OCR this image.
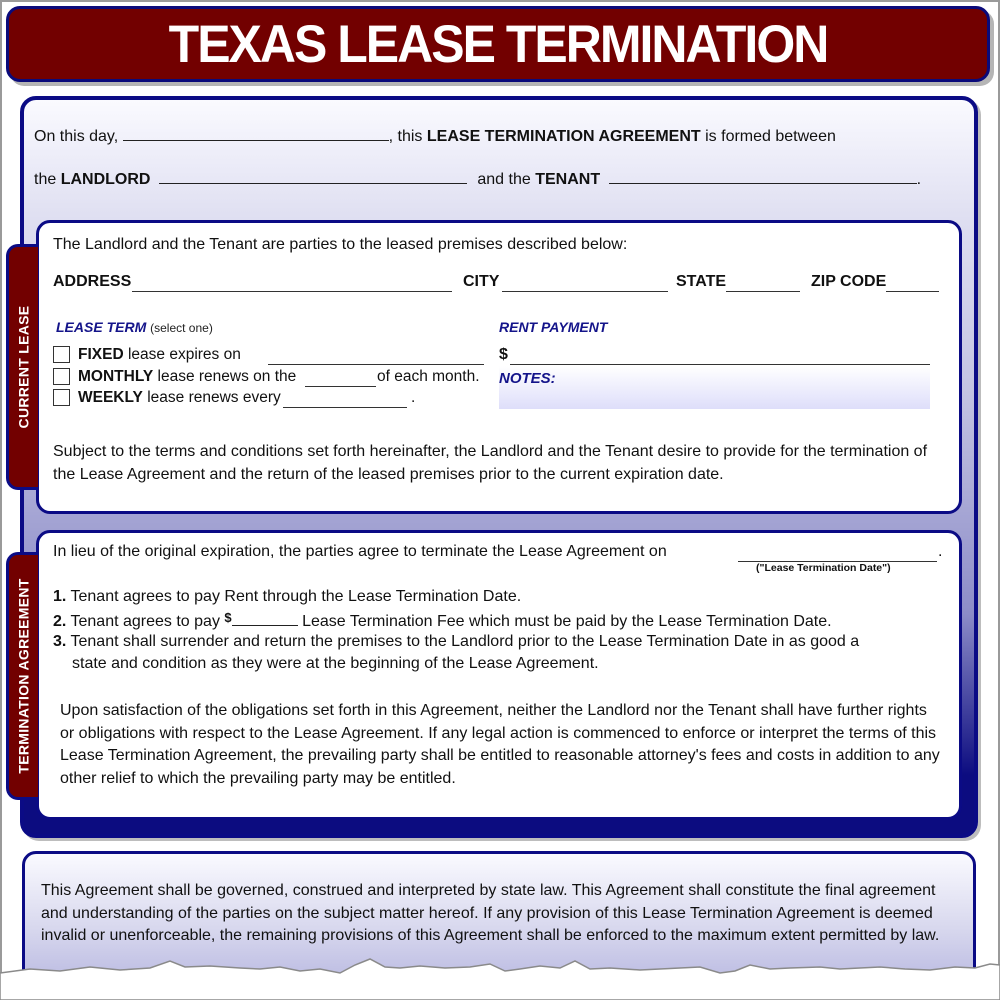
TEXAS LEASE TERMINATION
On this day,	, this LEASE TERMINATION AGREEMENT is formed between
the LANDLORD	and the TENANT	.
CURRENT LEASE
The Landlord and the Tenant are parties to the leased premises described below:
ADDRESS	CITY	STATE	ZIP CODE
LEASE TERM (select one)
FIXED lease expires on
MONTHLY lease renews on the	of each month.
WEEKLY lease renews every	.
RENT PAYMENT
$
NOTES:
Subject to the terms and conditions set forth hereinafter, the Landlord and the Tenant desire to provide for the termination of the Lease Agreement and the return of the leased premises prior to the current expiration date.
TERMINATION AGREEMENT
In lieu of the original expiration, the parties agree to terminate the Lease Agreement on	.
("Lease Termination Date")
1. Tenant agrees to pay Rent through the Lease Termination Date.
2. Tenant agrees to pay $	Lease Termination Fee which must be paid by the Lease Termination Date.
3. Tenant shall surrender and return the premises to the Landlord prior to the Lease Termination Date in as good a
state and condition as they were at the beginning of the Lease Agreement.
Upon satisfaction of the obligations set forth in this Agreement, neither the Landlord nor the Tenant shall have further rights or obligations with respect to the Lease Agreement. If any legal action is commenced to enforce or interpret the terms of this Lease Termination Agreement, the prevailing party shall be entitled to reasonable attorney's fees and costs in addition to any other relief to which the prevailing party may be entitled.
This Agreement shall be governed, construed and interpreted by state law. This Agreement shall constitute the final agreement and understanding of the parties on the subject matter hereof. If any provision of this Lease Termination Agreement is deemed invalid or unenforceable, the remaining provisions of this Agreement shall be enforced to the maximum extent permitted by law.
